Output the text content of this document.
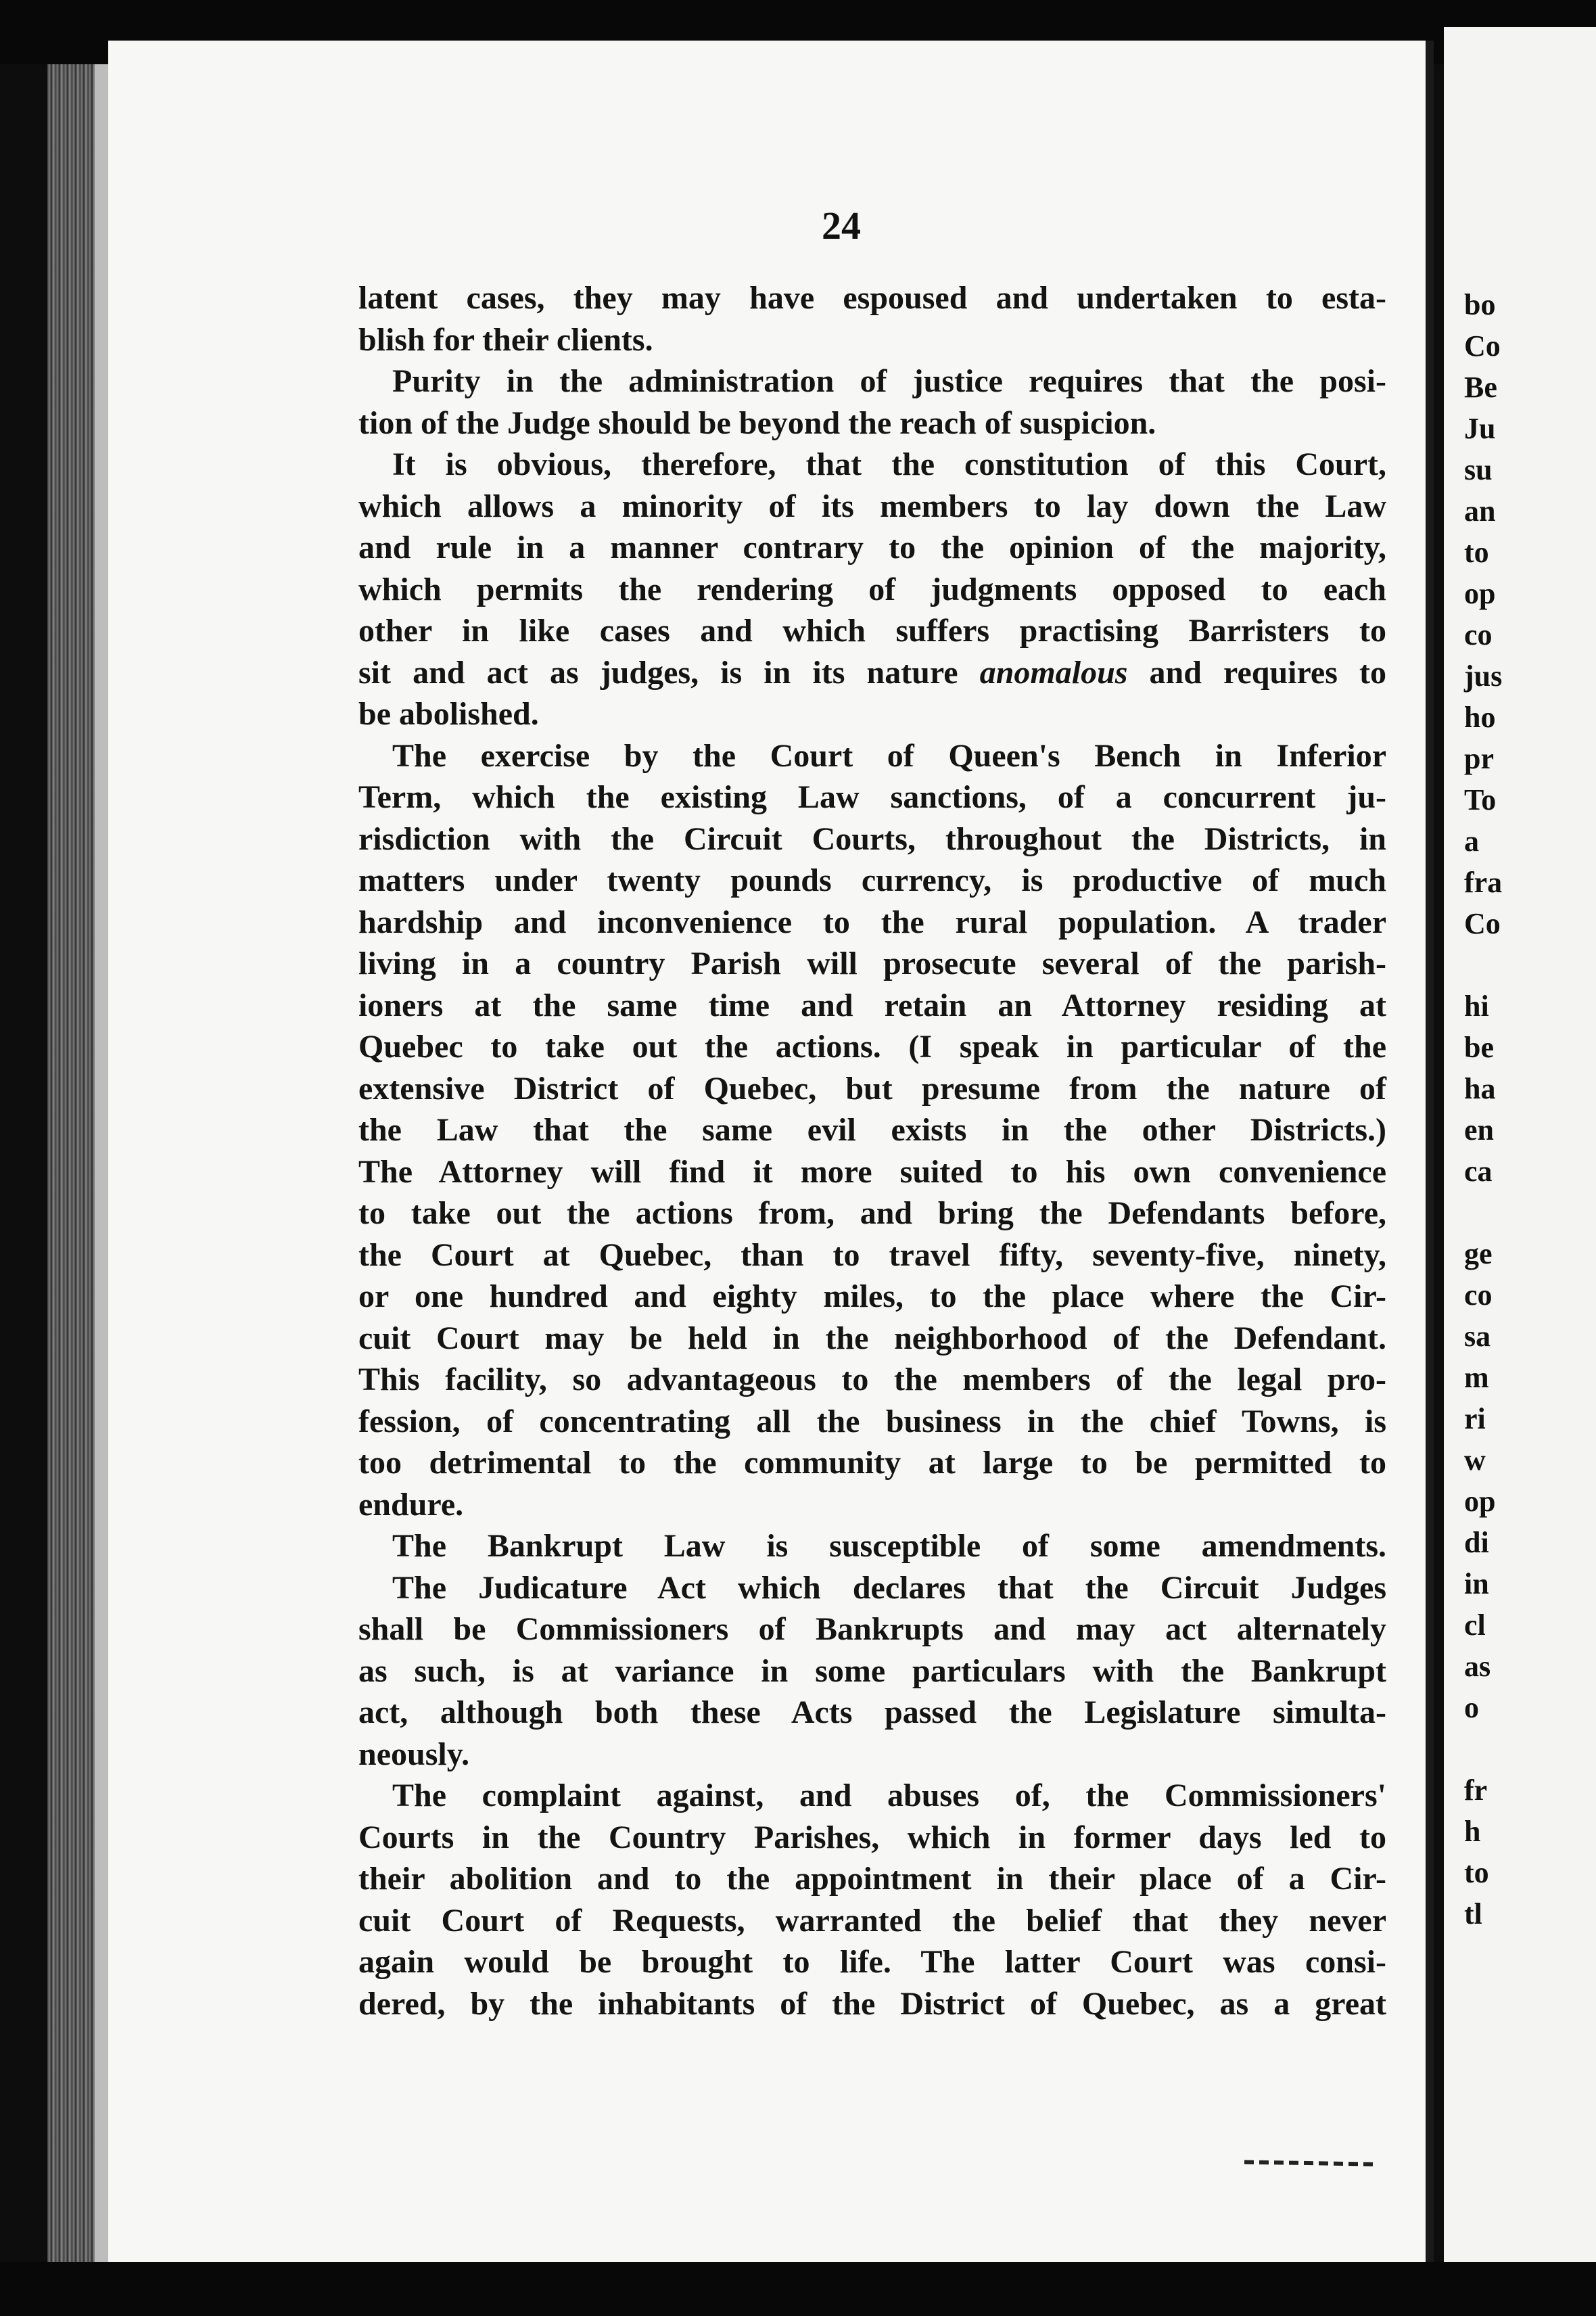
bo
Co
Be
Ju
su
an
to
op
co
jus
ho
pr
To
a
fra
Co
hi
be
ha
en
ca
ge
co
sa
m
ri
w
op
di
in
cl
as
o
fr
h
to
tl
24
latent cases, they may have espoused and undertaken to esta-
blish for their clients.
Purity in the administration of justice requires that the posi-
tion of the Judge should be beyond the reach of suspicion.
It is obvious, therefore, that the constitution of this Court,
which allows a minority of its members to lay down the Law
and rule in a manner contrary to the opinion of the majority,
which permits the rendering of judgments opposed to each
other in like cases and which suffers practising Barristers to
sit and act as judges, is in its nature anomalous and requires to
be abolished.
The exercise by the Court of Queen's Bench in Inferior
Term, which the existing Law sanctions, of a concurrent ju-
risdiction with the Circuit Courts, throughout the Districts, in
matters under twenty pounds currency, is productive of much
hardship and inconvenience to the rural population. A trader
living in a country Parish will prosecute several of the parish-
ioners at the same time and retain an Attorney residing at
Quebec to take out the actions. (I speak in particular of the
extensive District of Quebec, but presume from the nature of
the Law that the same evil exists in the other Districts.)
The Attorney will find it more suited to his own convenience
to take out the actions from, and bring the Defendants before,
the Court at Quebec, than to travel fifty, seventy-five, ninety,
or one hundred and eighty miles, to the place where the Cir-
cuit Court may be held in the neighborhood of the Defendant.
This facility, so advantageous to the members of the legal pro-
fession, of concentrating all the business in the chief Towns, is
too detrimental to the community at large to be permitted to
endure.
The Bankrupt Law is susceptible of some amendments.
The Judicature Act which declares that the Circuit Judges
shall be Commissioners of Bankrupts and may act alternately
as such, is at variance in some particulars with the Bankrupt
act, although both these Acts passed the Legislature simulta-
neously.
The complaint against, and abuses of, the Commissioners'
Courts in the Country Parishes, which in former days led to
their abolition and to the appointment in their place of a Cir-
cuit Court of Requests, warranted the belief that they never
again would be brought to life. The latter Court was consi-
dered, by the inhabitants of the District of Quebec, as a great
